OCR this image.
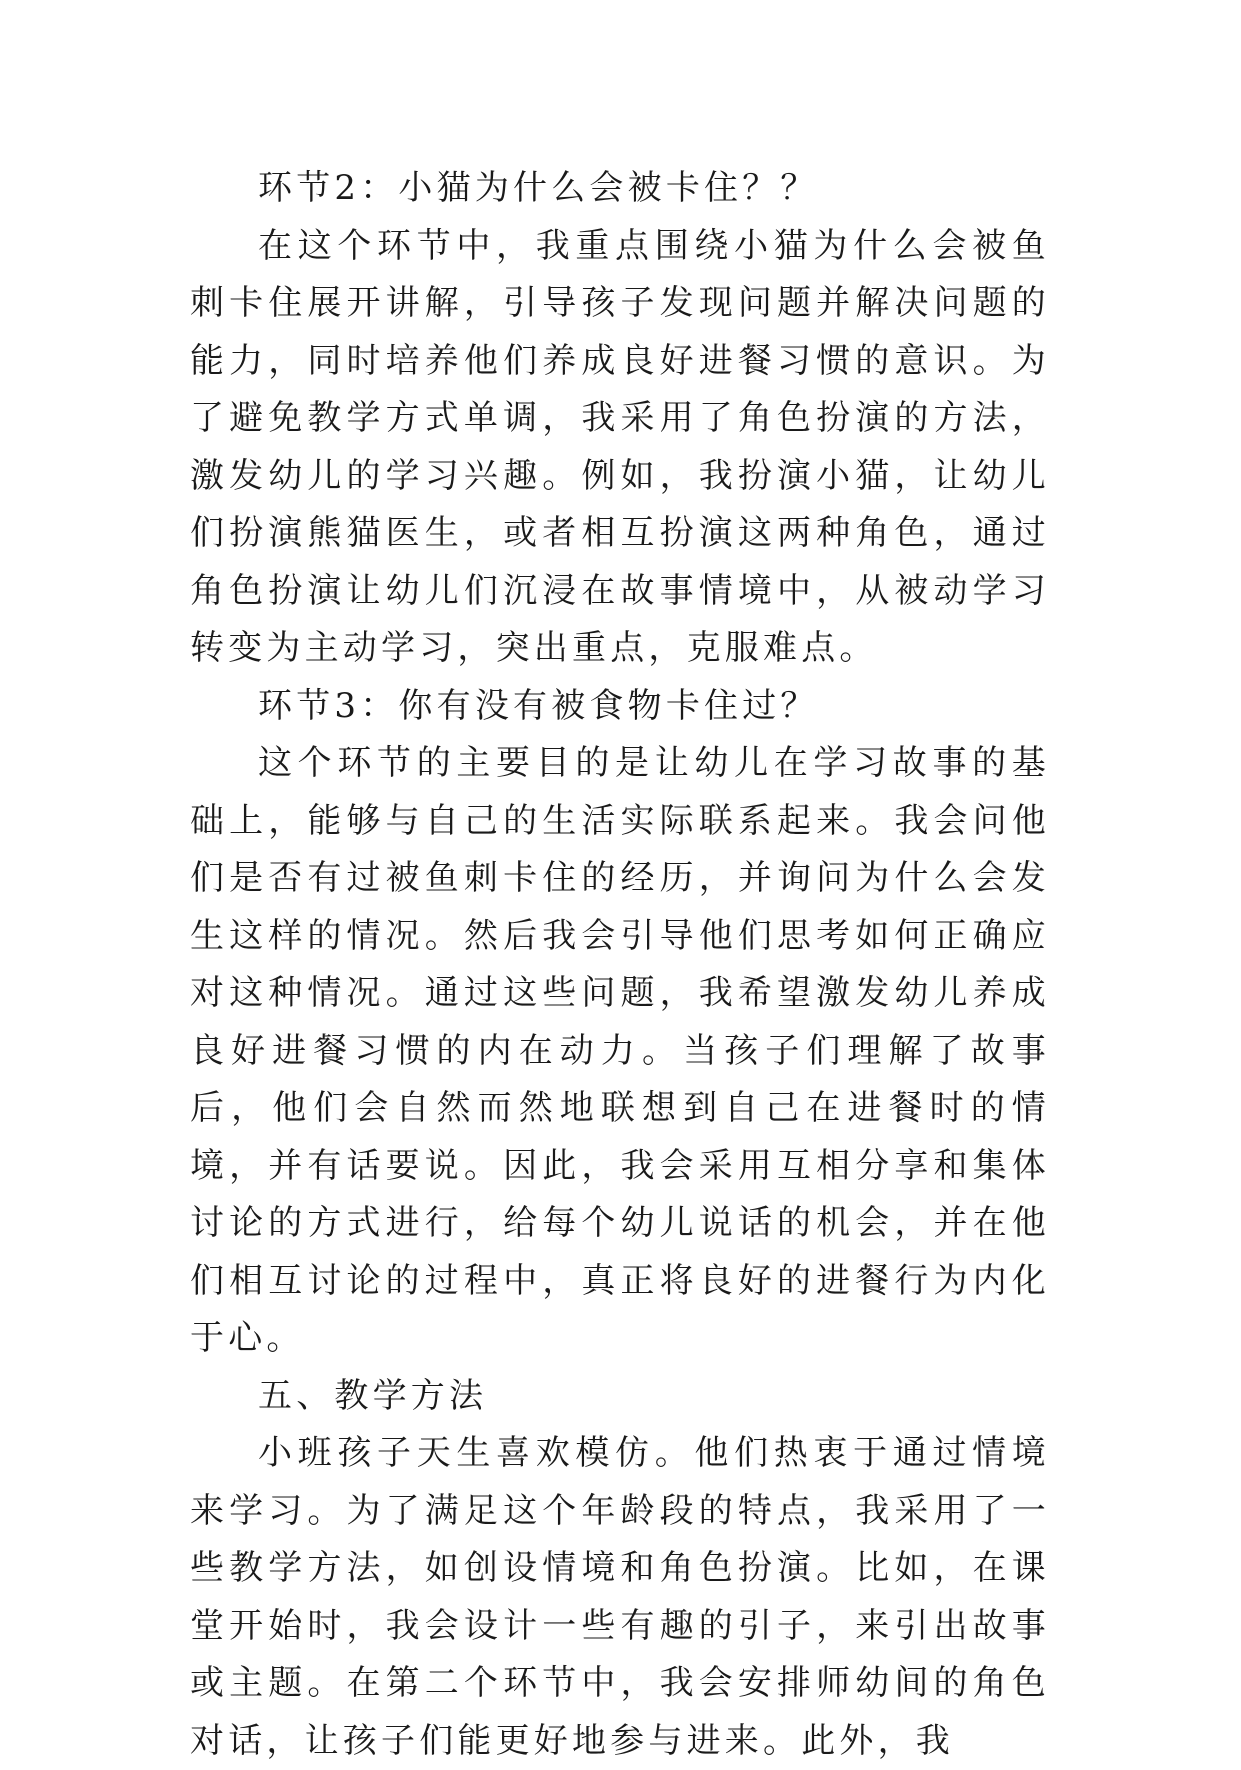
环节2：小猫为什么会被卡住？？

在这个环节中，我重点围绕小猫为什么会被鱼刺卡住展开讲解，引导孩子发现问题并解决问题的能力，同时培养他们养成良好进餐习惯的意识。为了避免教学方式单调，我采用了角色扮演的方法，激发幼儿的学习兴趣。例如，我扮演小猫，让幼儿们扮演熊猫医生，或者相互扮演这两种角色，通过角色扮演让幼儿们沉浸在故事情境中，从被动学习转变为主动学习，突出重点，克服难点。

环节3：你有没有被食物卡住过？

这个环节的主要目的是让幼儿在学习故事的基础上，能够与自己的生活实际联系起来。我会问他们是否有过被鱼刺卡住的经历，并询问为什么会发生这样的情况。然后我会引导他们思考如何正确应对这种情况。通过这些问题，我希望激发幼儿养成良好进餐习惯的内在动力。当孩子们理解了故事后，他们会自然而然地联想到自己在进餐时的情境，并有话要说。因此，我会采用互相分享和集体讨论的方式进行，给每个幼儿说话的机会，并在他们相互讨论的过程中，真正将良好的进餐行为内化于心。

五、教学方法

小班孩子天生喜欢模仿。他们热衷于通过情境来学习。为了满足这个年龄段的特点，我采用了一些教学方法，如创设情境和角色扮演。比如，在课堂开始时，我会设计一些有趣的引子，来引出故事或主题。在第二个环节中，我会安排师幼间的角色对话，让孩子们能更好地参与进来。此外，我
